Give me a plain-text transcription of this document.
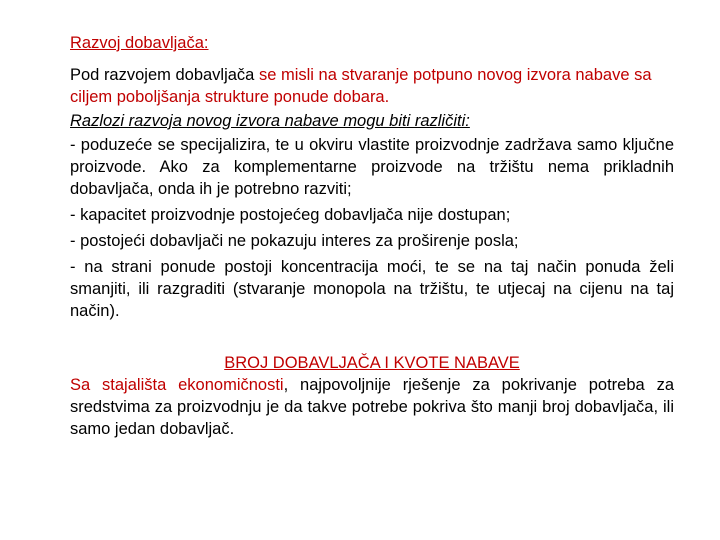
Razvoj dobavljača:

Pod razvojem dobavljača se misli na stvaranje potpuno novog izvora nabave sa ciljem poboljšanja strukture ponude dobara.

Razlozi razvoja novog izvora nabave mogu biti različiti:

- poduzeće se specijalizira, te u okviru vlastite proizvodnje zadržava samo ključne proizvode. Ako za komplementarne proizvode na tržištu nema prikladnih dobavljača, onda ih je potrebno razviti;

- kapacitet proizvodnje postojećeg dobavljača nije dostupan;

- postojeći dobavljači ne pokazuju interes za proširenje posla;

- na strani ponude postoji koncentracija moći, te se na taj način ponuda želi smanjiti, ili razgraditi (stvaranje monopola na tržištu, te utjecaj na cijenu na taj način).

BROJ DOBAVLJAČA I KVOTE NABAVE

Sa stajališta ekonomičnosti, najpovoljnije rješenje za pokrivanje potreba za sredstvima za proizvodnju je da takve potrebe pokriva što manji broj dobavljača, ili samo jedan dobavljač.
